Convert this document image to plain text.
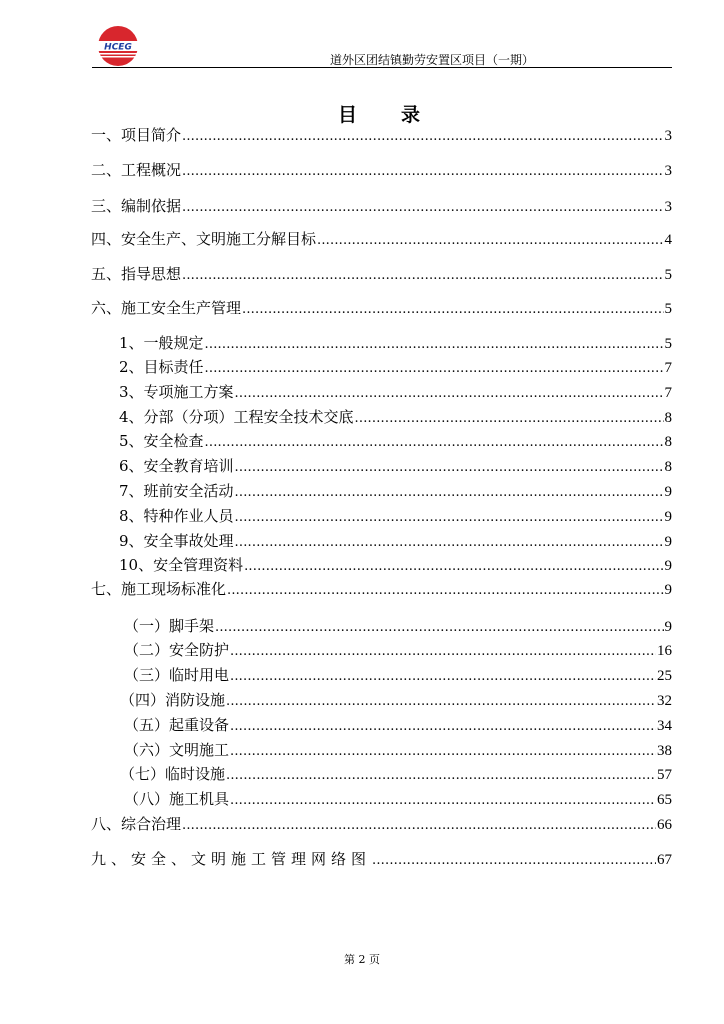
HCEG
道外区团结镇勤劳安置区项目（一期）
目录
一、项目简介 .....	3
二、工程概况 .....	3
三、编制依据 .....	3
四、安全生产、文明施工分解目标 .....	4
五、指导思想 .....	5
六、施工安全生产管理 .....	5
1、一般规定 .....	5
2、目标责任 .....	7
3、专项施工方案 .....	7
4、分部（分项）工程安全技术交底 .....	8
5、安全检查 .....	8
6、安全教育培训 .....	8
7、班前安全活动 .....	9
8、特种作业人员 .....	9
9、安全事故处理 .....	9
10、安全管理资料 .....	9
七、施工现场标准化 .....	9
（一）脚手架 .....	9
（二）安全防护 .....	16
（三）临时用电 .....	25
（四）消防设施 .....	32
（五）起重设备 .....	34
（六）文明施工 .....	38
（七）临时设施 .....	57
（八）施工机具 .....	65
八、综合治理 .....	66
九、安全、文明施工管理网络图 .....	67
第 2 页
